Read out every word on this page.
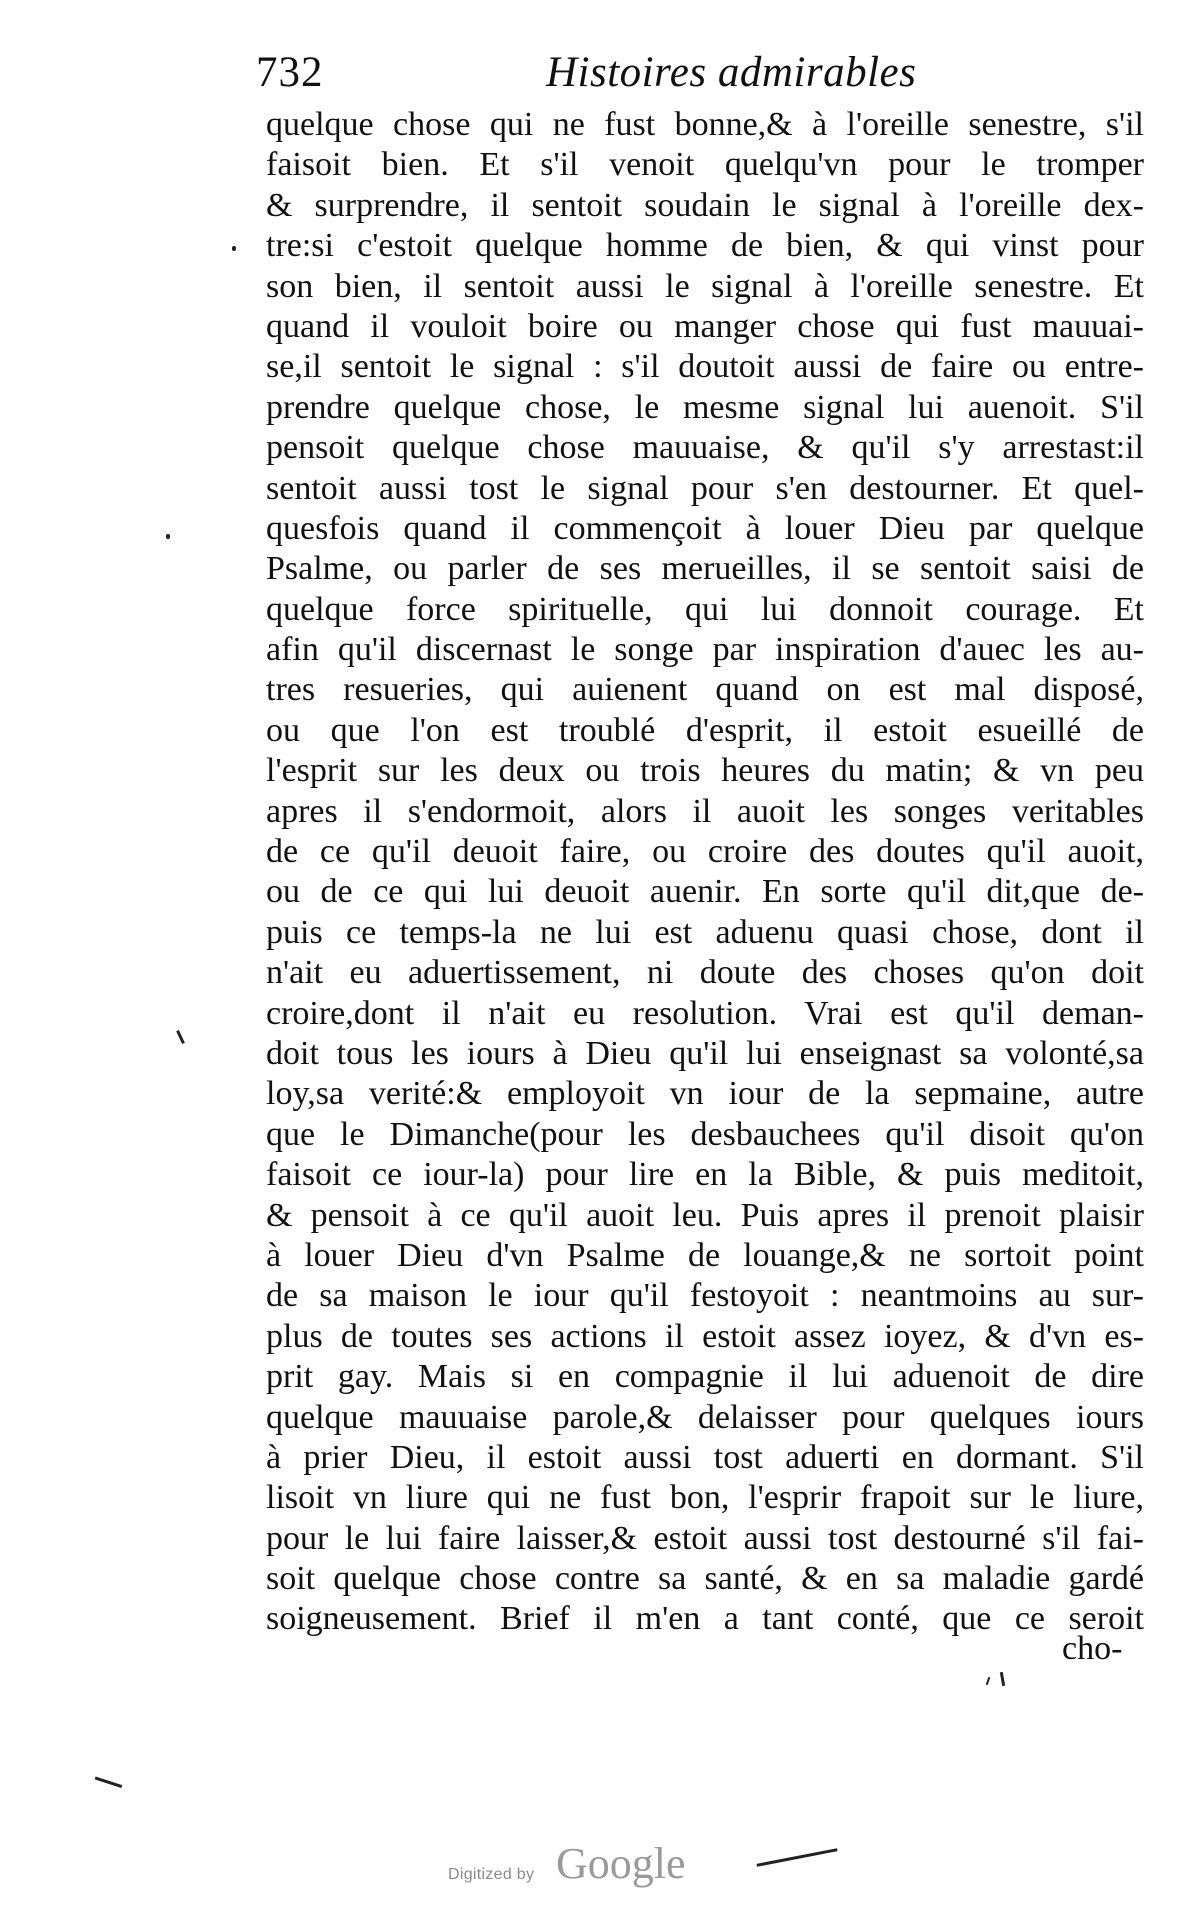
732	Histoires admirables
quelque chose qui ne fust bonne,& à l'oreille senestre, s'il
faisoit bien. Et s'il venoit quelqu'vn pour le tromper
& surprendre, il sentoit soudain le signal à l'oreille dex-
tre:si c'estoit quelque homme de bien, & qui vinst pour
son bien, il sentoit aussi le signal à l'oreille senestre. Et
quand il vouloit boire ou manger chose qui fust mauuai-
se,il sentoit le signal : s'il doutoit aussi de faire ou entre-
prendre quelque chose, le mesme signal lui auenoit. S'il
pensoit quelque chose mauuaise, & qu'il s'y arrestast:il
sentoit aussi tost le signal pour s'en destourner. Et quel-
quesfois quand il commençoit à louer Dieu par quelque
Psalme, ou parler de ses merueilles, il se sentoit saisi de
quelque force spirituelle, qui lui donnoit courage. Et
afin qu'il discernast le songe par inspiration d'auec les au-
tres resueries, qui auienent quand on est mal disposé,
ou que l'on est troublé d'esprit, il estoit esueillé de
l'esprit sur les deux ou trois heures du matin; & vn peu
apres il s'endormoit, alors il auoit les songes veritables
de ce qu'il deuoit faire, ou croire des doutes qu'il auoit,
ou de ce qui lui deuoit auenir. En sorte qu'il dit,que de-
puis ce temps-la ne lui est aduenu quasi chose, dont il
n'ait eu aduertissement, ni doute des choses qu'on doit
croire,dont il n'ait eu resolution. Vrai est qu'il deman-
doit tous les iours à Dieu qu'il lui enseignast sa volonté,sa
loy,sa verité:& employoit vn iour de la sepmaine, autre
que le Dimanche(pour les desbauchees qu'il disoit qu'on
faisoit ce iour-la) pour lire en la Bible, & puis meditoit,
& pensoit à ce qu'il auoit leu. Puis apres il prenoit plaisir
à louer Dieu d'vn Psalme de louange,& ne sortoit point
de sa maison le iour qu'il festoyoit : neantmoins au sur-
plus de toutes ses actions il estoit assez ioyez, & d'vn es-
prit gay. Mais si en compagnie il lui aduenoit de dire
quelque mauuaise parole,& delaisser pour quelques iours
à prier Dieu, il estoit aussi tost aduerti en dormant. S'il
lisoit vn liure qui ne fust bon, l'esprir frapoit sur le liure,
pour le lui faire laisser,& estoit aussi tost destourné s'il fai-
soit quelque chose contre sa santé, & en sa maladie gardé
soigneusement. Brief il m'en a tant conté, que ce seroit
cho-
Digitized by Google
